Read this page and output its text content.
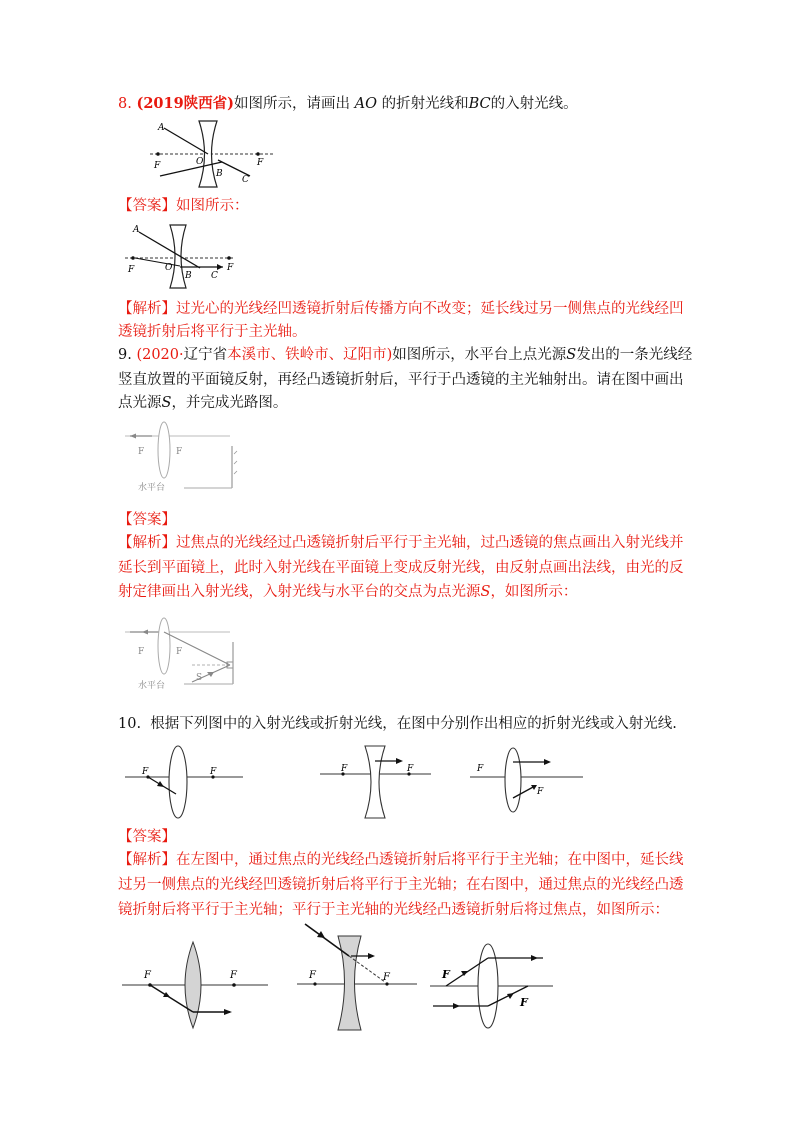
8. (2019陕西省)如图所示，请画出 AO 的折射光线和BC的入射光线。
A
F	O
B
C
F
【答案】如图所示：
A
F	O
B C
F
【解析】过光心的光线经凹透镜折射后传播方向不改变；延长线过另一侧焦点的光线经凹
透镜折射后将平行于主光轴。
9. (2020·辽宁省本溪市、铁岭市、辽阳市)如图所示，水平台上点光源S发出的一条光线经
竖直放置的平面镜反射，再经凸透镜折射后，平行于凸透镜的主光轴射出。请在图中画出
点光源S，并完成光路图。
F	F
水平台
【答案】
【解析】过焦点的光线经过凸透镜折射后平行于主光轴，过凸透镜的焦点画出入射光线并
延长到平面镜上，此时入射光线在平面镜上变成反射光线，由反射点画出法线，由光的反
射定律画出入射光线，入射光线与水平台的交点为点光源S，如图所示：
F	F
S
水平台
10. 根据下列图中的入射光线或折射光线，在图中分别作出相应的折射光线或入射光线.
F	F	F	F	F
F
【答案】
【解析】在左图中，通过焦点的光线经凸透镜折射后将平行于主光轴；在中图中，延长线
过另一侧焦点的光线经凹透镜折射后将平行于主光轴；在右图中，通过焦点的光线经凸透
镜折射后将平行于主光轴；平行于主光轴的光线经凸透镜折射后将过焦点，如图所示：
F	F	F	F	F
F
